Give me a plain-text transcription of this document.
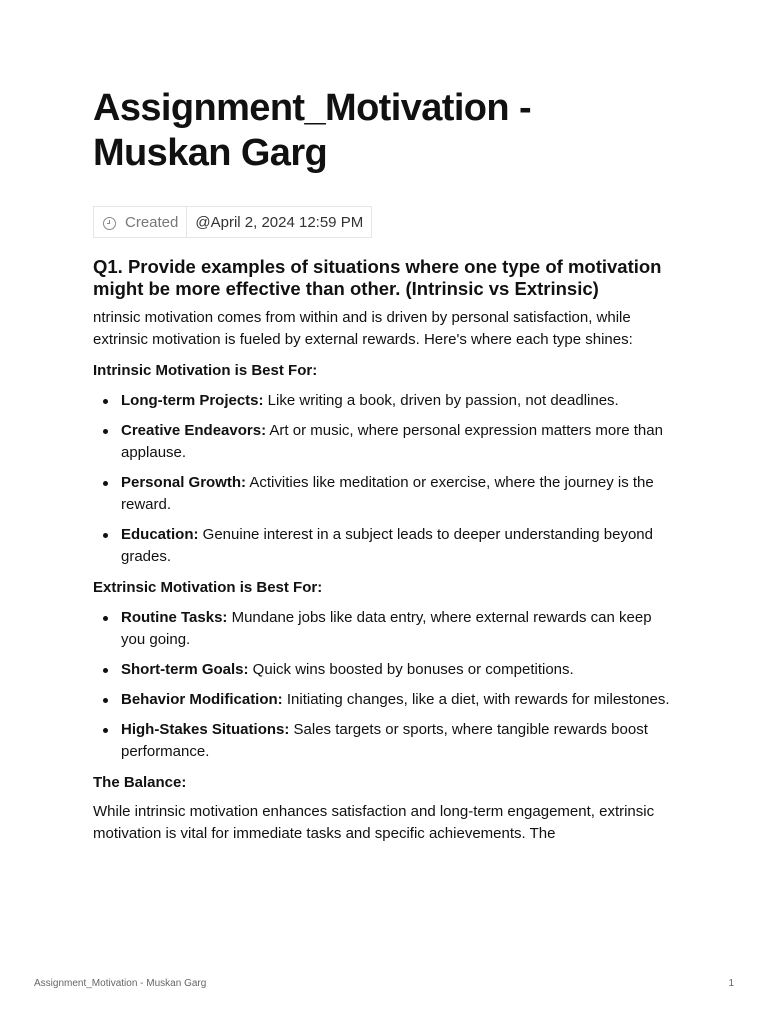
Assignment_Motivation -
Muskan Garg
Created	@April 2, 2024 12:59 PM
Q1. Provide examples of situations where one type of motivation might be more effective than other. (Intrinsic vs Extrinsic)

ntrinsic motivation comes from within and is driven by personal satisfaction, while extrinsic motivation is fueled by external rewards. Here's where each type shines:

Intrinsic Motivation is Best For:

Long-term Projects: Like writing a book, driven by passion, not deadlines.
Creative Endeavors: Art or music, where personal expression matters more than applause.
Personal Growth: Activities like meditation or exercise, where the journey is the reward.
Education: Genuine interest in a subject leads to deeper understanding beyond grades.

Extrinsic Motivation is Best For:

Routine Tasks: Mundane jobs like data entry, where external rewards can keep you going.
Short-term Goals: Quick wins boosted by bonuses or competitions.
Behavior Modification: Initiating changes, like a diet, with rewards for milestones.
High-Stakes Situations: Sales targets or sports, where tangible rewards boost performance.

The Balance:

While intrinsic motivation enhances satisfaction and long-term engagement, extrinsic motivation is vital for immediate tasks and specific achievements. The

Assignment_Motivation - Muskan Garg	1
